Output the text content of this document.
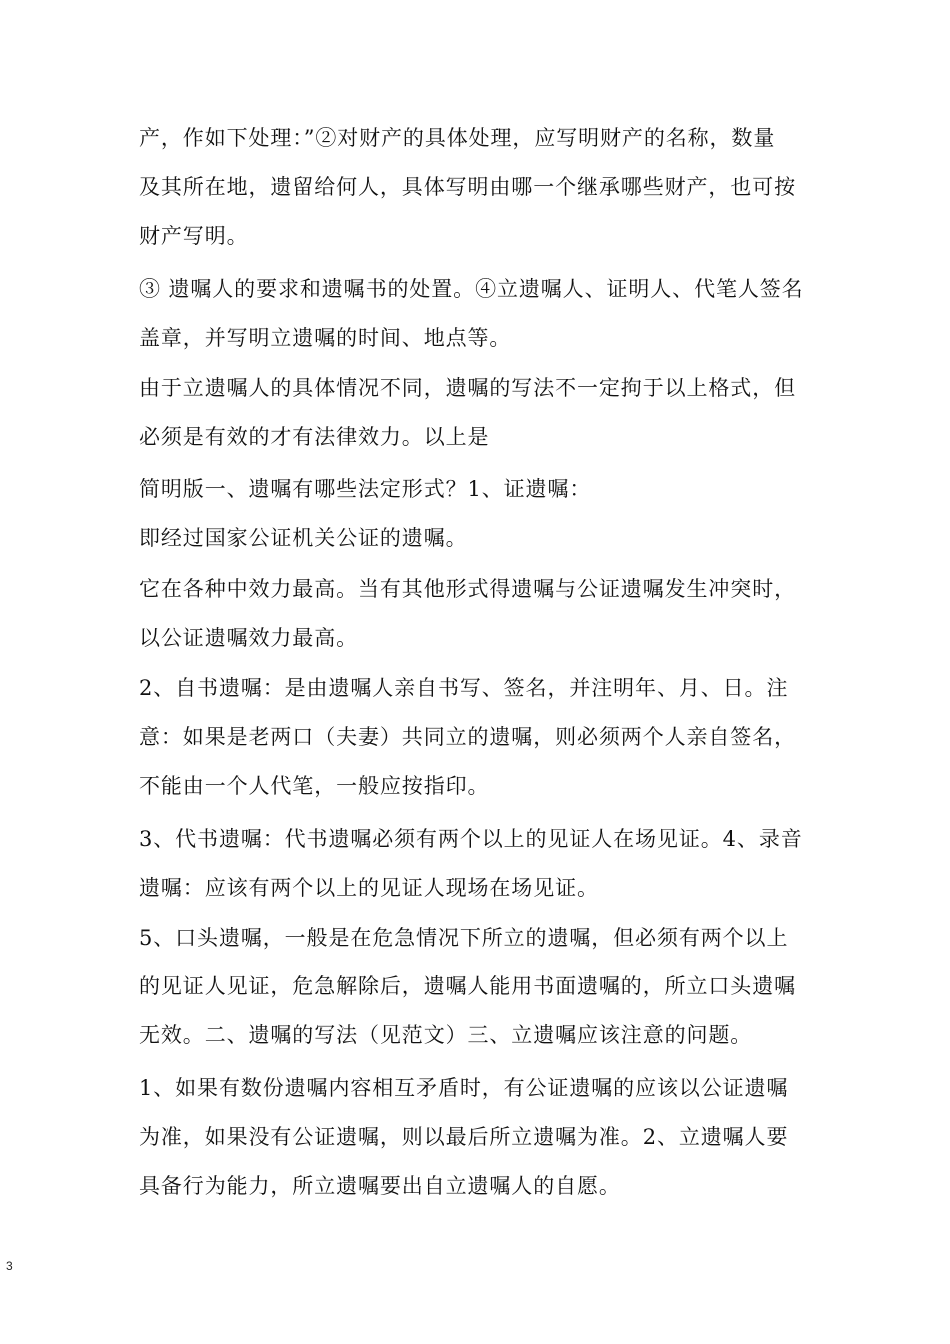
产，作如下处理：”②对财产的具体处理，应写明财产的名称，数量
及其所在地，遗留给何人，具体写明由哪一个继承哪些财产，也可按
财产写明。
③ 遗嘱人的要求和遗嘱书的处置。④立遗嘱人、证明人、代笔人签名
盖章，并写明立遗嘱的时间、地点等。
由于立遗嘱人的具体情况不同，遗嘱的写法不一定拘于以上格式，但
必须是有效的才有法律效力。以上是
简明版一、遗嘱有哪些法定形式？1、证遗嘱：
即经过国家公证机关公证的遗嘱。
它在各种中效力最高。当有其他形式得遗嘱与公证遗嘱发生冲突时，
以公证遗嘱效力最高。
2、自书遗嘱：是由遗嘱人亲自书写、签名，并注明年、月、日。注
意：如果是老两口（夫妻）共同立的遗嘱，则必须两个人亲自签名，
不能由一个人代笔，一般应按指印。
3、代书遗嘱：代书遗嘱必须有两个以上的见证人在场见证。4、录音
遗嘱：应该有两个以上的见证人现场在场见证。
5、口头遗嘱，一般是在危急情况下所立的遗嘱，但必须有两个以上
的见证人见证，危急解除后，遗嘱人能用书面遗嘱的，所立口头遗嘱
无效。二、遗嘱的写法（见范文）三、立遗嘱应该注意的问题。
1、如果有数份遗嘱内容相互矛盾时，有公证遗嘱的应该以公证遗嘱
为准，如果没有公证遗嘱，则以最后所立遗嘱为准。2、立遗嘱人要
具备行为能力，所立遗嘱要出自立遗嘱人的自愿。
3
